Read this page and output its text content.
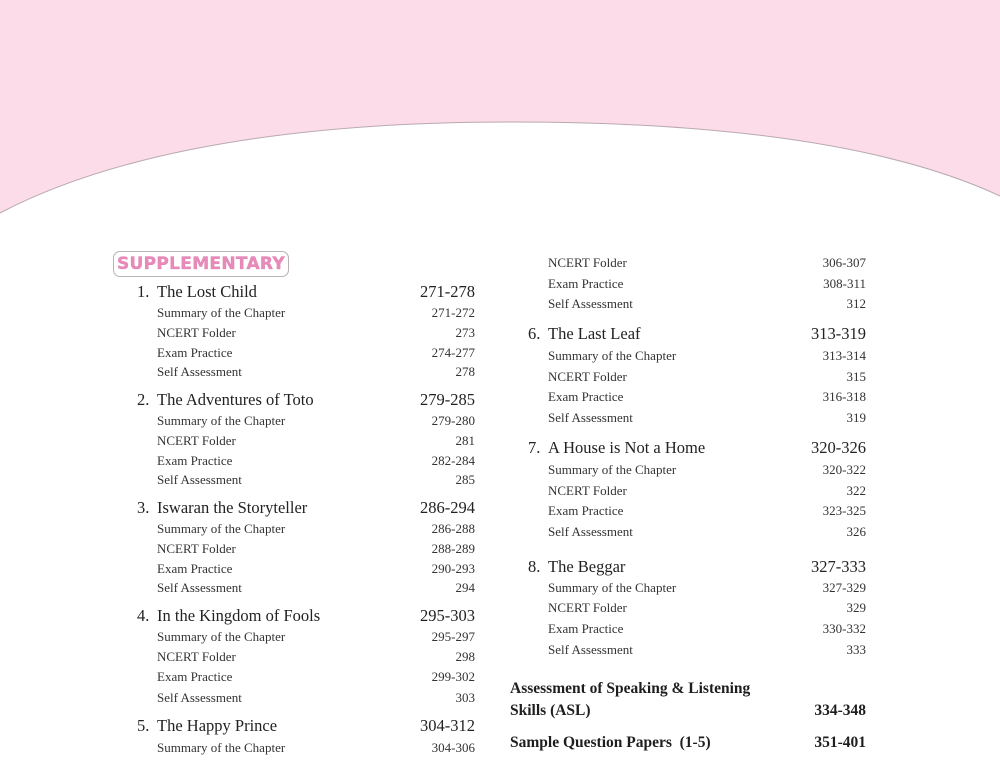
SUPPLEMENTARY
1. The Lost Child	271-278
Summary of the Chapter	271-272
NCERT Folder	273
Exam Practice	274-277
Self Assessment	278
2. The Adventures of Toto	279-285
Summary of the Chapter	279-280
NCERT Folder	281
Exam Practice	282-284
Self Assessment	285
3. Iswaran the Storyteller	286-294
Summary of the Chapter	286-288
NCERT Folder	288-289
Exam Practice	290-293
Self Assessment	294
4. In the Kingdom of Fools	295-303
Summary of the Chapter	295-297
NCERT Folder	298
Exam Practice	299-302
Self Assessment	303
5. The Happy Prince	304-312
Summary of the Chapter	304-306
NCERT Folder	306-307
Exam Practice	308-311
Self Assessment	312
6. The Last Leaf	313-319
Summary of the Chapter	313-314
NCERT Folder	315
Exam Practice	316-318
Self Assessment	319
7. A House is Not a Home	320-326
Summary of the Chapter	320-322
NCERT Folder	322
Exam Practice	323-325
Self Assessment	326
8. The Beggar	327-333
Summary of the Chapter	327-329
NCERT Folder	329
Exam Practice	330-332
Self Assessment	333
Assessment of Speaking & Listening
Skills (ASL)	334-348
Sample Question Papers  (1-5)	351-401
